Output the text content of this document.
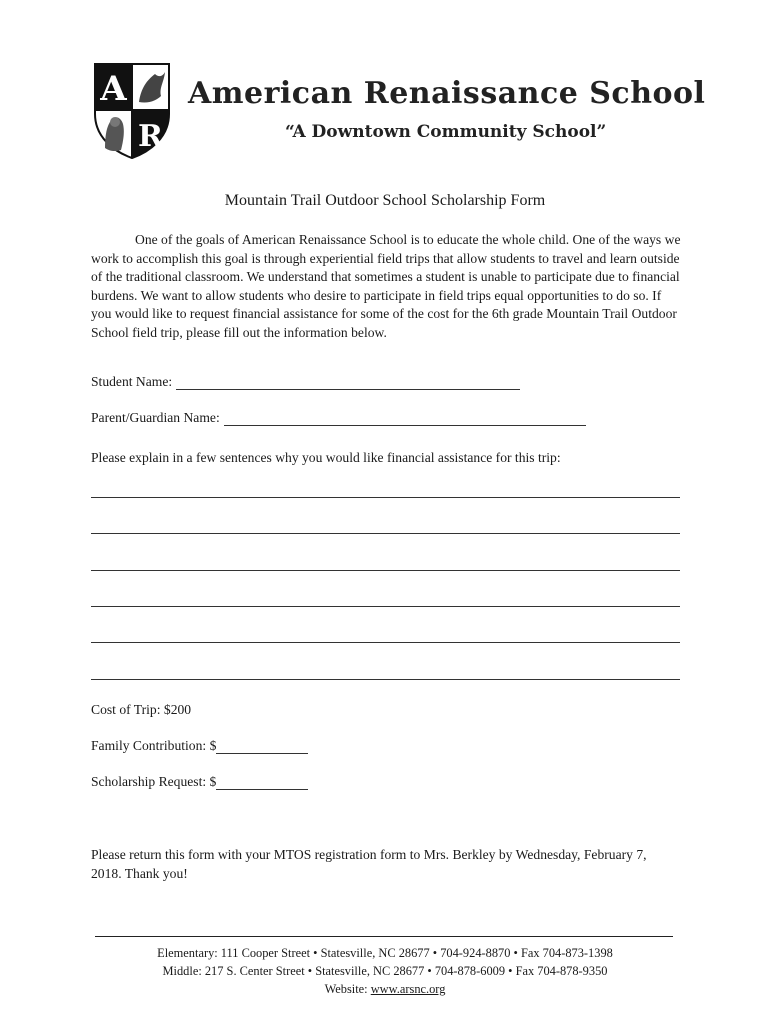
A
R
American Renaissance School
“A Downtown Community School”
Mountain Trail Outdoor School Scholarship Form

One of the goals of American Renaissance School is to educate the whole child. One of the ways we work to accomplish this goal is through experiential field trips that allow students to travel and learn outside of the traditional classroom. We understand that sometimes a student is unable to participate due to financial burdens. We want to allow students who desire to participate in field trips equal opportunities to do so. If you would like to request financial assistance for some of the cost for the 6th grade Mountain Trail Outdoor School field trip, please fill out the information below.

Student Name:
Parent/Guardian Name:

Please explain in a few sentences why you would like financial assistance for this trip:

Cost of Trip: $200
Family Contribution: $
Scholarship Request: $

Please return this form with your MTOS registration form to Mrs. Berkley by Wednesday, February 7, 2018. Thank you!

Elementary: 111 Cooper Street • Statesville, NC 28677 • 704-924-8870 • Fax 704-873-1398
Middle: 217 S. Center Street • Statesville, NC 28677 • 704-878-6009 • Fax 704-878-9350
Website: www.arsnc.org
